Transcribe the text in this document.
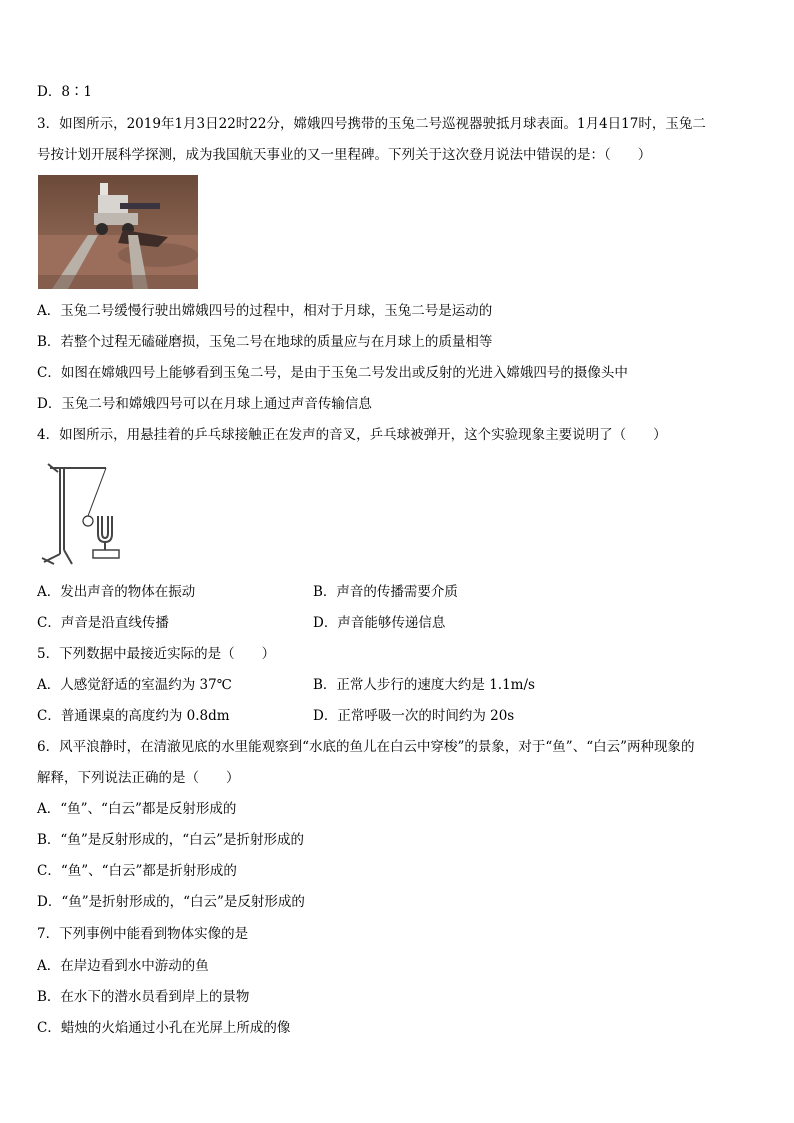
D．8∶1
3．如图所示，2019年1月3日22时22分，嫦娥四号携带的玉兔二号巡视器驶抵月球表面。1月4日17时，玉兔二
号按计划开展科学探测，成为我国航天事业的又一里程碑。下列关于这次登月说法中错误的是：（　　）
A．玉兔二号缓慢行驶出嫦娥四号的过程中，相对于月球，玉兔二号是运动的
B．若整个过程无磕碰磨损，玉兔二号在地球的质量应与在月球上的质量相等
C．如图在嫦娥四号上能够看到玉兔二号，是由于玉兔二号发出或反射的光进入嫦娥四号的摄像头中
D．玉兔二号和嫦娥四号可以在月球上通过声音传输信息
4．如图所示，用悬挂着的乒乓球接触正在发声的音叉，乒乓球被弹开，这个实验现象主要说明了（　　）
A．发出声音的物体在振动	B．声音的传播需要介质
C．声音是沿直线传播	D．声音能够传递信息
5．下列数据中最接近实际的是（　　）
A．人感觉舒适的室温约为 37℃	B．正常人步行的速度大约是 1.1m/s
C．普通课桌的高度约为 0.8dm	D．正常呼吸一次的时间约为 20s
6．风平浪静时，在清澈见底的水里能观察到“水底的鱼儿在白云中穿梭”的景象，对于“鱼”、“白云”两种现象的
解释，下列说法正确的是（　　）
A．“鱼”、“白云”都是反射形成的
B．“鱼”是反射形成的，“白云”是折射形成的
C．“鱼”、“白云”都是折射形成的
D．“鱼”是折射形成的，“白云”是反射形成的
7．下列事例中能看到物体实像的是
A．在岸边看到水中游动的鱼
B．在水下的潜水员看到岸上的景物
C．蜡烛的火焰通过小孔在光屏上所成的像
